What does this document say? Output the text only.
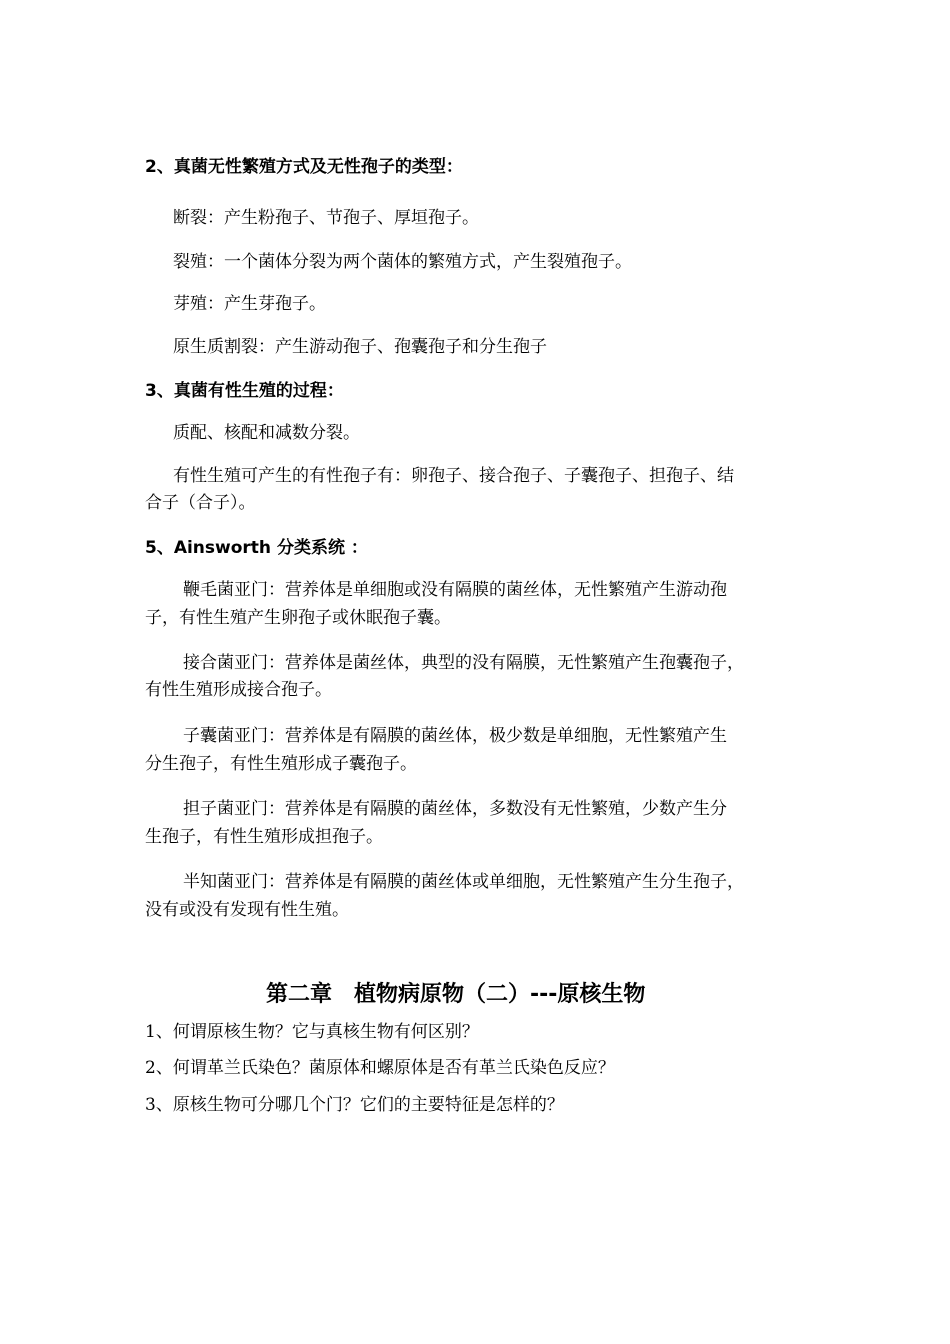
2、真菌无性繁殖方式及无性孢子的类型：
断裂：产生粉孢子、节孢子、厚垣孢子。
裂殖：一个菌体分裂为两个菌体的繁殖方式，产生裂殖孢子。
芽殖：产生芽孢子。
原生质割裂：产生游动孢子、孢囊孢子和分生孢子
3、真菌有性生殖的过程：
质配、核配和减数分裂。
有性生殖可产生的有性孢子有：卵孢子、接合孢子、子囊孢子、担孢子、结
合子（合子）。
5、Ainsworth 分类系统 ：
鞭毛菌亚门：营养体是单细胞或没有隔膜的菌丝体，无性繁殖产生游动孢
子，有性生殖产生卵孢子或休眠孢子囊。
接合菌亚门：营养体是菌丝体，典型的没有隔膜，无性繁殖产生孢囊孢子，
有性生殖形成接合孢子。
子囊菌亚门：营养体是有隔膜的菌丝体，极少数是单细胞，无性繁殖产生
分生孢子，有性生殖形成子囊孢子。
担子菌亚门：营养体是有隔膜的菌丝体，多数没有无性繁殖，少数产生分
生孢子，有性生殖形成担孢子。
半知菌亚门：营养体是有隔膜的菌丝体或单细胞，无性繁殖产生分生孢子，
没有或没有发现有性生殖。
第二章　植物病原物（二）---原核生物
1、何谓原核生物？它与真核生物有何区别？
2、何谓革兰氏染色？菌原体和螺原体是否有革兰氏染色反应？
3、原核生物可分哪几个门？它们的主要特征是怎样的？
